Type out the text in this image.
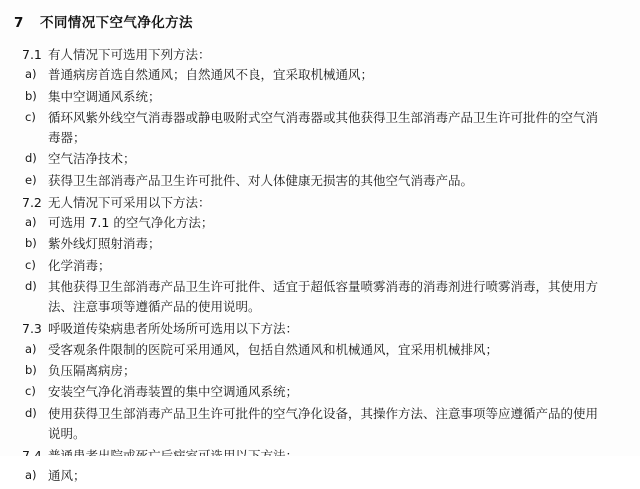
7	不同情况下空气净化方法
7.1 有人情况下可选用下列方法：
a) 普通病房首选自然通风；自然通风不良，宜采取机械通风；
b) 集中空调通风系统；
c) 循环风紫外线空气消毒器或静电吸附式空气消毒器或其他获得卫生部消毒产品卫生许可批件的空气消毒器；
d) 空气洁净技术；
e) 获得卫生部消毒产品卫生许可批件、对人体健康无损害的其他空气消毒产品。
7.2 无人情况下可采用以下方法：
a) 可选用 7.1 的空气净化方法；
b) 紫外线灯照射消毒；
c) 化学消毒；
d) 其他获得卫生部消毒产品卫生许可批件、适宜于超低容量喷雾消毒的消毒剂进行喷雾消毒，其使用方法、注意事项等遵循产品的使用说明。
7.3 呼吸道传染病患者所处场所可选用以下方法：
a) 受客观条件限制的医院可采用通风，包括自然通风和机械通风，宜采用机械排风；
b) 负压隔离病房；
c) 安装空气净化消毒装置的集中空调通风系统；
d) 使用获得卫生部消毒产品卫生许可批件的空气净化设备，其操作方法、注意事项等应遵循产品的使用说明。
a) 通风；
